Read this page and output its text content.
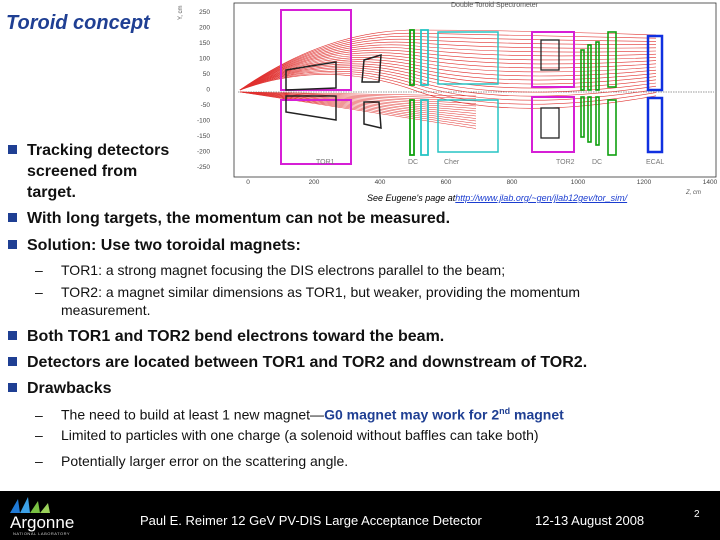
Toroid concept
Double Toroid Spectrometer
Y, cm
Z, cm
250
200
150
100
50
0
-50
-100
-150
-200
-250
0	200	400	600	800	1000	1200	1400
TOR1	DC	Cher	TOR2 DC	ECAL
See Eugene's page athttp://www.jlab.org/~gen/jlab12gev/tor_sim/
Tracking detectors
screened from
target.
With long targets, the momentum can not be measured.
Solution: Use two toroidal magnets:
– TOR1: a strong magnet focusing the DIS electrons parallel to the beam;
– TOR2: a magnet similar dimensions as TOR1, but weaker, providing the momentum
measurement.
Both TOR1 and TOR2 bend electrons toward the beam.
Detectors are located between TOR1 and TOR2 and downstream of TOR2.
Drawbacks
– The need to build at least 1 new magnet—G0 magnet may work for 2nd magnet
– Limited to particles with one charge (a solenoid without baffles can take both)
– Potentially larger error on the scattering angle.
Argonne
NATIONAL LABORATORY
Paul E. Reimer 12 GeV PV-DIS Large Acceptance Detector	12-13 August 2008	2
